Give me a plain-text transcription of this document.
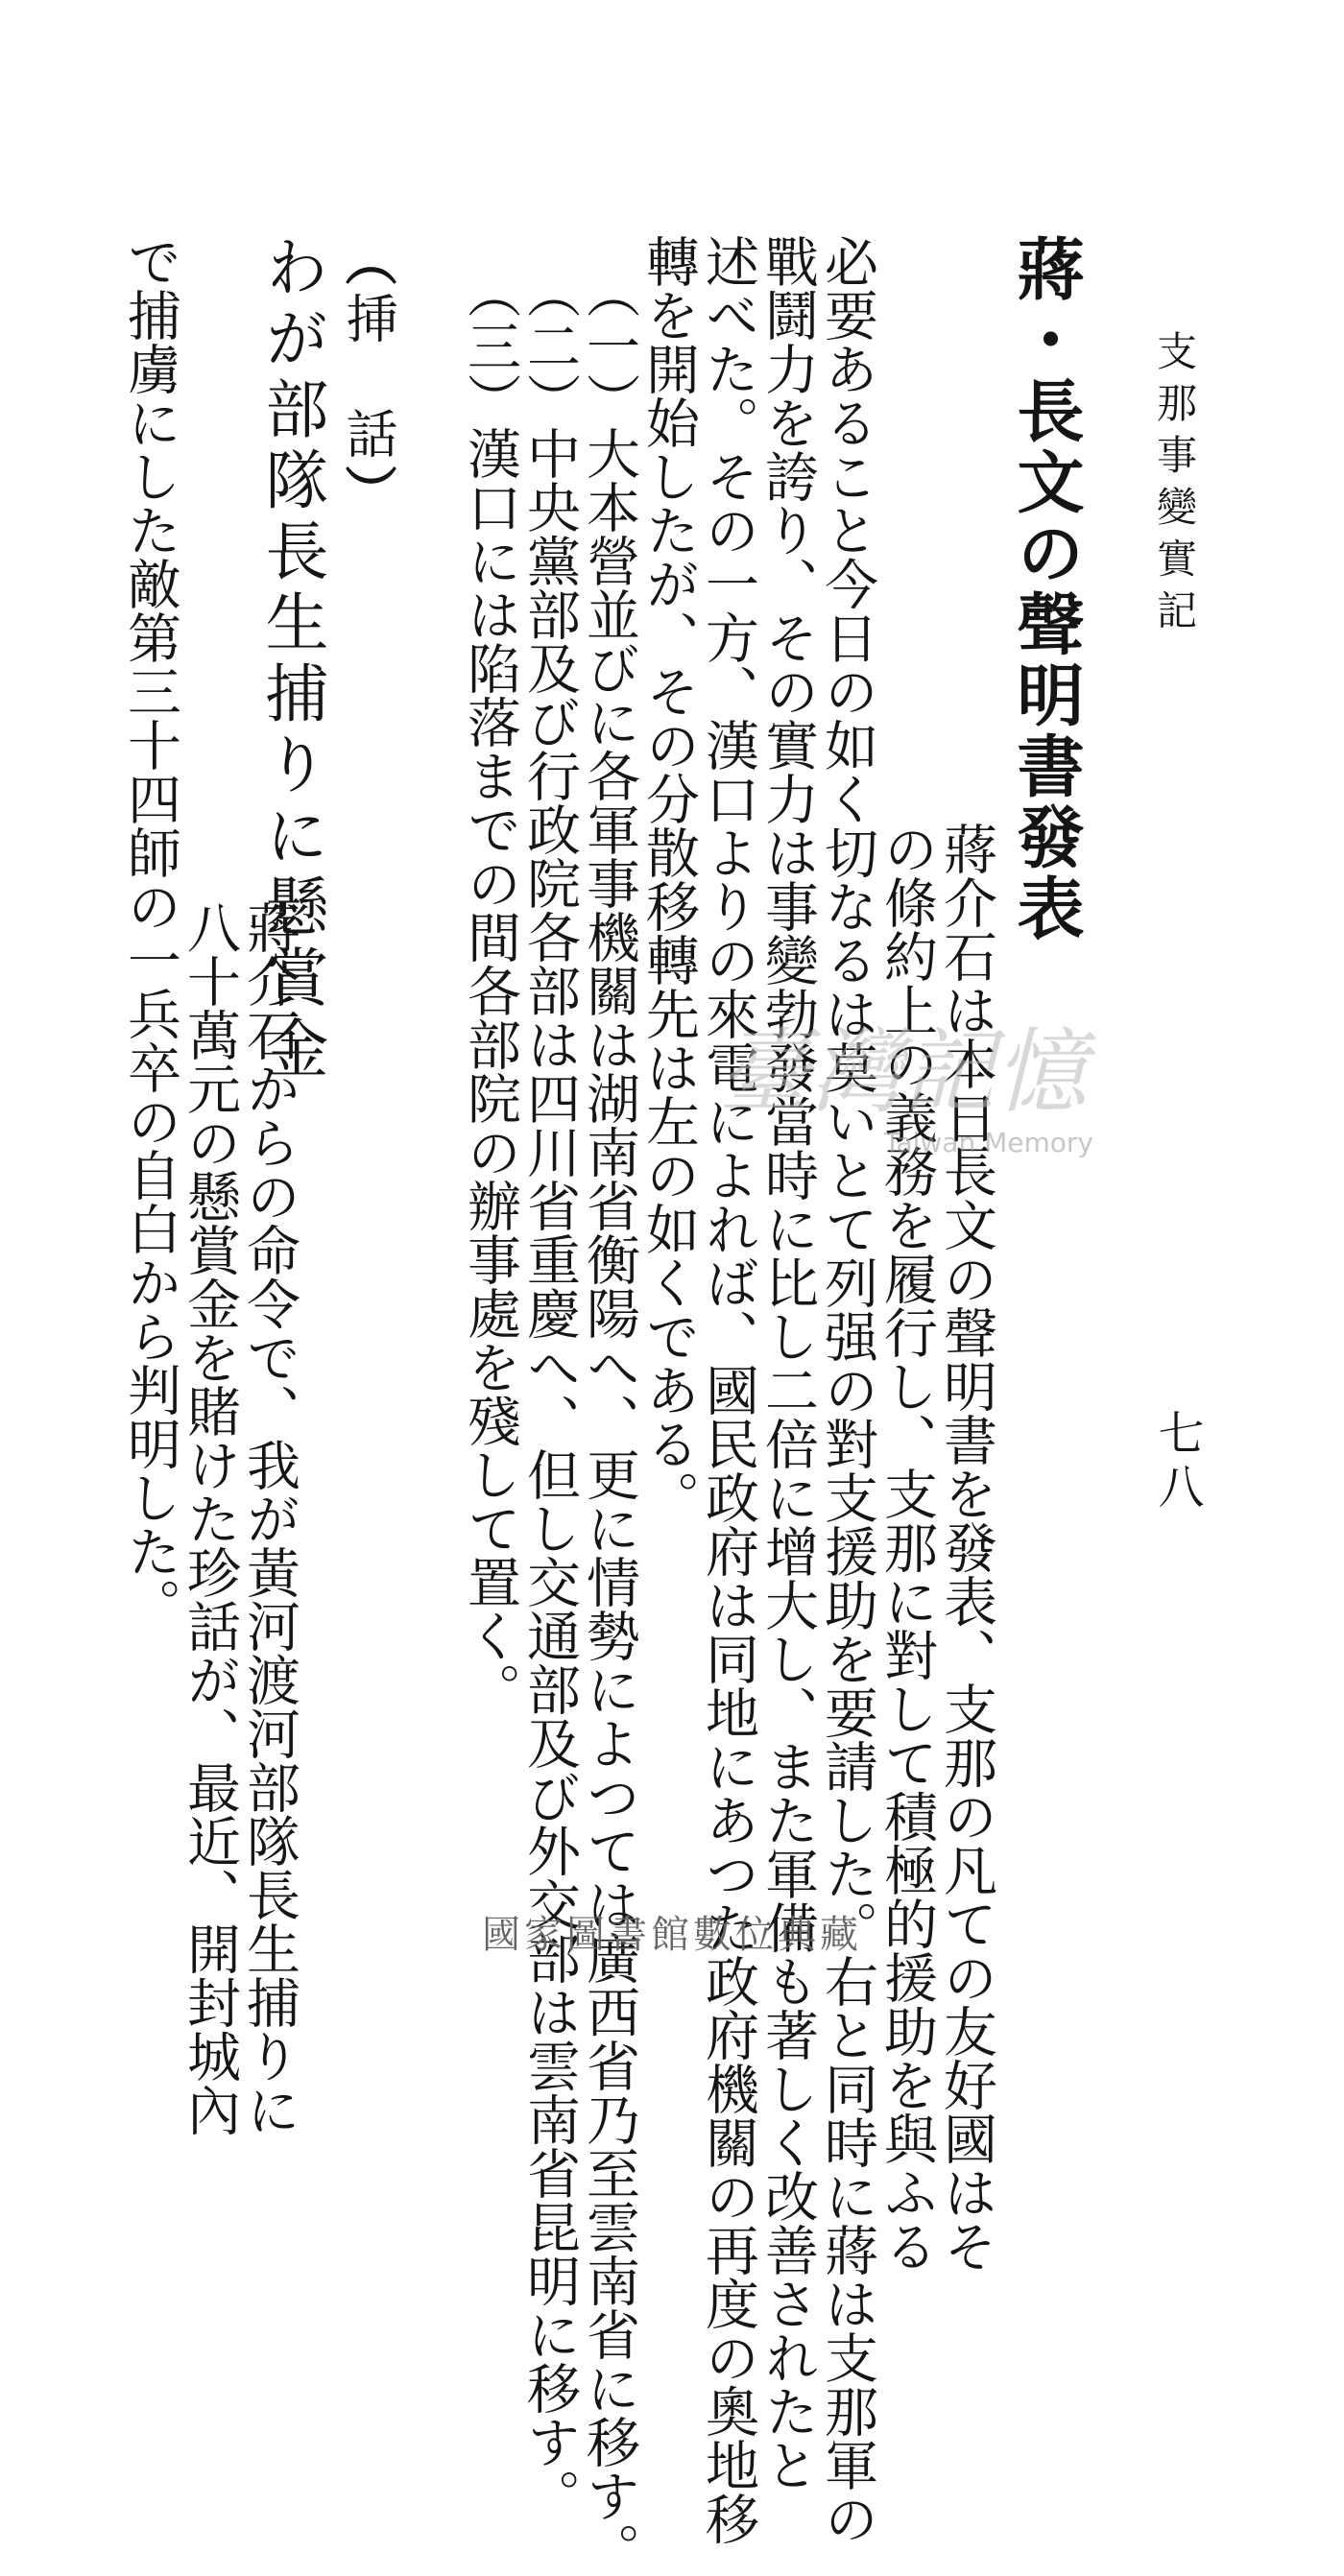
支那事變實記
七八
蔣・長文の聲明書發表
蔣介石は本日長文の聲明書を發表、支那の凡ての友好國はそ
の條約上の義務を履行し、支那に對して積極的援助を與ふる
必要あること今日の如く切なるは莫いとて列强の對支援助を要請した。右と同時に蔣は支那軍の
戰鬪力を誇り、その實力は事變勃發當時に比し二倍に增大し、また軍備も著しく改善されたと
述べた。その一方、漢口よりの來電によれば、國民政府は同地にあつた政府機關の再度の奧地移
轉を開始したが、その分散移轉先は左の如くである。
（一）大本營並びに各軍事機關は湖南省衡陽へ、更に情勢によつては廣西省乃至雲南省に移す。
（二）中央黨部及び行政院各部は四川省重慶へ、但し交通部及び外交部は雲南省昆明に移す。
（三）漢口には陷落までの間各部院の辦事處を殘して置く。
（挿　話）
わが部隊長生捕りに懸賞金
蔣介石からの命令で、我が黃河渡河部隊長生捕りに
八十萬元の懸賞金を賭けた珍話が、最近、開封城內
で捕虜にした敵第三十四師の一兵卒の自白から判明した。	臺灣記憶
Taiwan Memory
國家圖書館數位典藏
